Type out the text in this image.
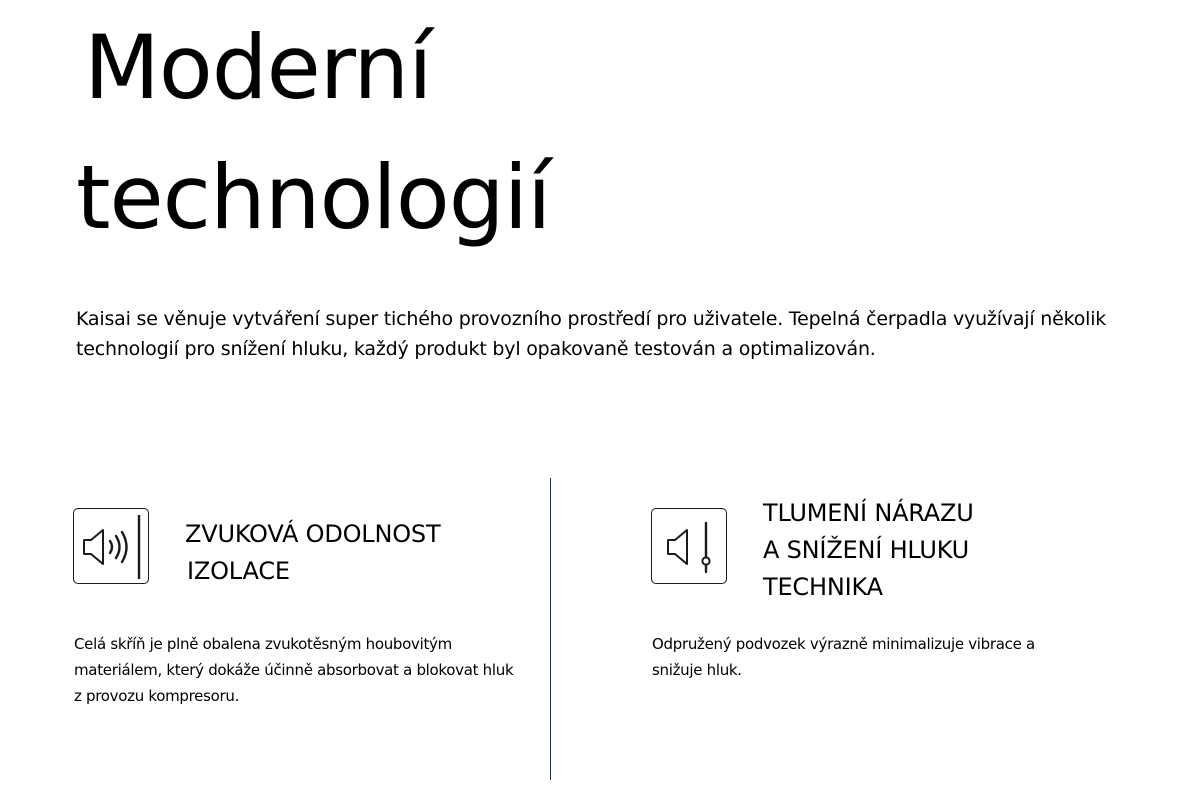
Moderní
technologií

Kaisai se věnuje vytváření super tichého provozního prostředí pro uživatele. Tepelná čerpadla využívají několik technologií pro snížení hluku, každý produkt byl opakovaně testován a optimalizován.

ZVUKOVÁ ODOLNOST
IZOLACE

Celá skříň je plně obalena zvukotěsným houbovitým materiálem, který dokáže účinně absorbovat a blokovat hluk z provozu kompresoru.

TLUMENÍ NÁRAZU
A SNÍŽENÍ HLUKU
TECHNIKA

Odpružený podvozek výrazně minimalizuje vibrace a snižuje hluk.
